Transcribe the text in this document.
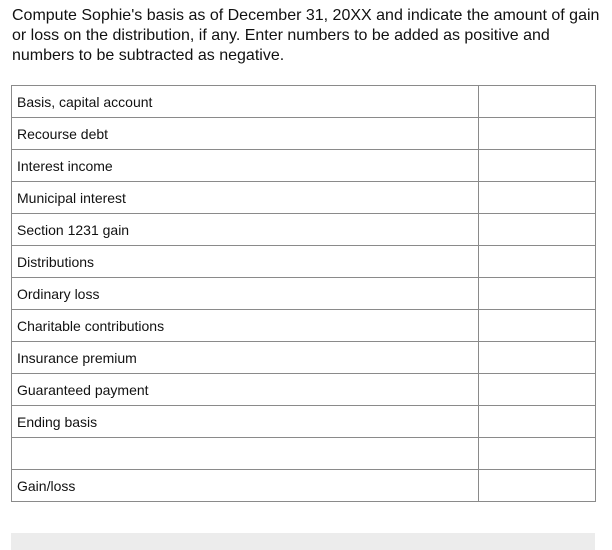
Compute Sophie's basis as of December 31, 20XX and indicate the amount of gain or loss on the distribution, if any. Enter numbers to be added as positive and numbers to be subtracted as negative.

Basis, capital account	

Recourse debt	

Interest income	

Municipal interest	

Section 1231 gain	

Distributions	

Ordinary loss	

Charitable contributions	

Insurance premium	

Guaranteed payment	

Ending basis	

Gain/loss	
